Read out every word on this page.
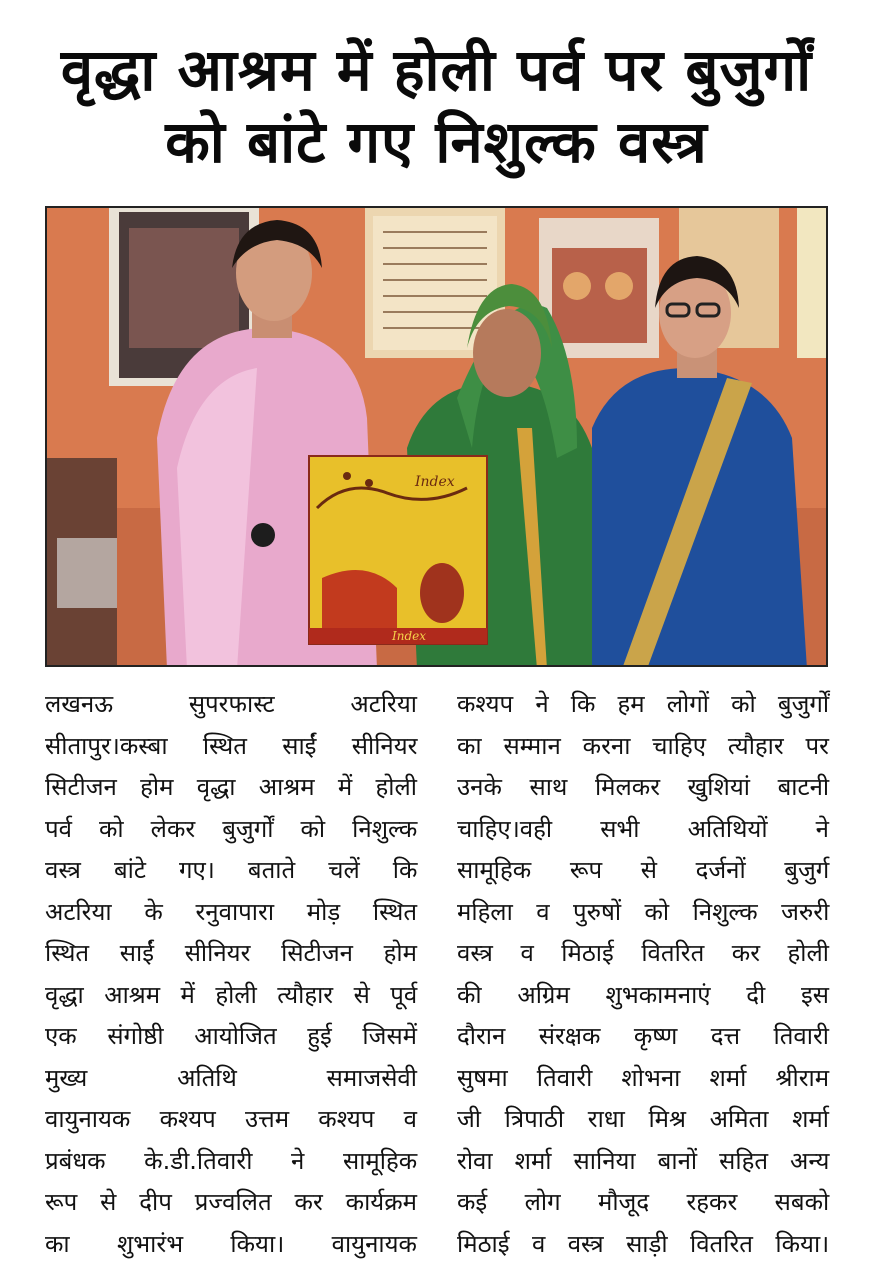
वृद्धा आश्रम में होली पर्व पर बुजुर्गों
को बांटे गए निशुल्क वस्त्र
Index
Index
लखनऊ सुपरफास्ट अटरिया
सीतापुर।कस्बा स्थित साईं सीनियर
सिटीजन होम वृद्धा आश्रम में होली
पर्व को लेकर बुजुर्गों को निशुल्क
वस्त्र बांटे गए। बताते चलें कि
अटरिया के रनुवापारा मोड़ स्थित
स्थित साईं सीनियर सिटीजन होम
वृद्धा आश्रम में होली त्यौहार से पूर्व
एक संगोष्ठी आयोजित हुई जिसमें
मुख्य अतिथि समाजसेवी
वायुनायक कश्यप उत्तम कश्यप व
प्रबंधक के.डी.तिवारी ने सामूहिक
रूप से दीप प्रज्वलित कर कार्यक्रम
का शुभारंभ किया। वायुनायक
कश्यप ने कि हम लोगों को बुजुर्गों
का सम्मान करना चाहिए त्यौहार पर
उनके साथ मिलकर खुशियां बाटनी
चाहिए।वही सभी अतिथियों ने
सामूहिक रूप से दर्जनों बुजुर्ग
महिला व पुरुषों को निशुल्क जरुरी
वस्त्र व मिठाई वितरित कर होली
की अग्रिम शुभकामनाएं दी इस
दौरान संरक्षक कृष्ण दत्त तिवारी
सुषमा तिवारी शोभना शर्मा श्रीराम
जी त्रिपाठी राधा मिश्र अमिता शर्मा
रोवा शर्मा सानिया बानों सहित अन्य
कई लोग मौजूद रहकर सबको
मिठाई व वस्त्र साड़ी वितरित किया।
